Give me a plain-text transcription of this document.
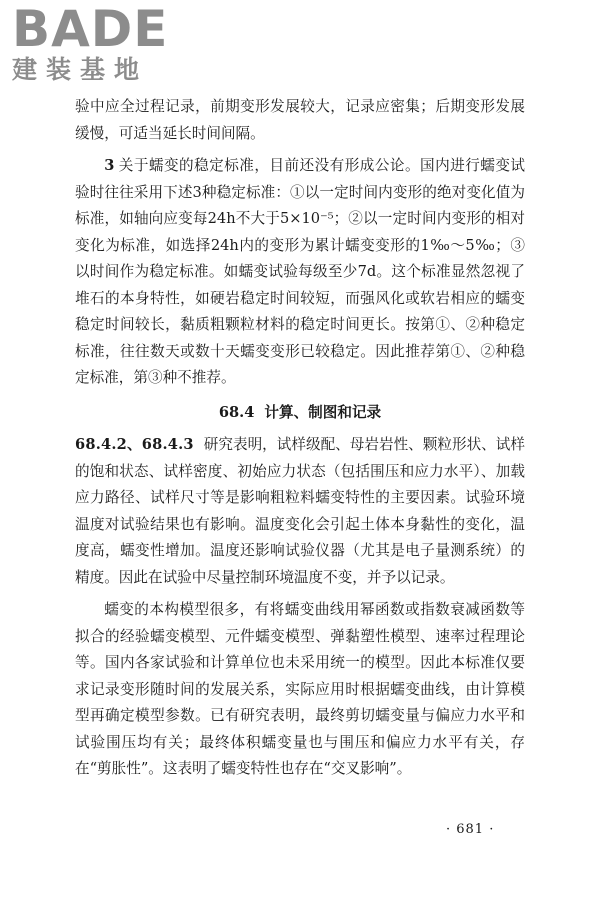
BADE
建装基地

验中应全过程记录，前期变形发展较大，记录应密集；后期变形发展缓慢，可适当延长时间间隔。

3 关于蠕变的稳定标准，目前还没有形成公论。国内进行蠕变试验时往往采用下述3种稳定标准：①以一定时间内变形的绝对变化值为标准，如轴向应变每24h不大于5×10⁻⁵；②以一定时间内变形的相对变化为标准，如选择24h内的变形为累计蠕变变形的1‰～5‰；③以时间作为稳定标准。如蠕变试验每级至少7d。这个标准显然忽视了堆石的本身特性，如硬岩稳定时间较短，而强风化或软岩相应的蠕变稳定时间较长，黏质粗颗粒材料的稳定时间更长。按第①、②种稳定标准，往往数天或数十天蠕变变形已较稳定。因此推荐第①、②种稳定标准，第③种不推荐。

68.4 计算、制图和记录

68.4.2、68.4.3 研究表明，试样级配、母岩岩性、颗粒形状、试样的饱和状态、试样密度、初始应力状态（包括围压和应力水平）、加载应力路径、试样尺寸等是影响粗粒料蠕变特性的主要因素。试验环境温度对试验结果也有影响。温度变化会引起土体本身黏性的变化，温度高，蠕变性增加。温度还影响试验仪器（尤其是电子量测系统）的精度。因此在试验中尽量控制环境温度不变，并予以记录。

蠕变的本构模型很多，有将蠕变曲线用幂函数或指数衰减函数等拟合的经验蠕变模型、元件蠕变模型、弹黏塑性模型、速率过程理论等。国内各家试验和计算单位也未采用统一的模型。因此本标准仅要求记录变形随时间的发展关系，实际应用时根据蠕变曲线，由计算模型再确定模型参数。已有研究表明，最终剪切蠕变量与偏应力水平和试验围压均有关；最终体积蠕变量也与围压和偏应力水平有关，存在“剪胀性”。这表明了蠕变特性也存在“交叉影响”。

· 681 ·
